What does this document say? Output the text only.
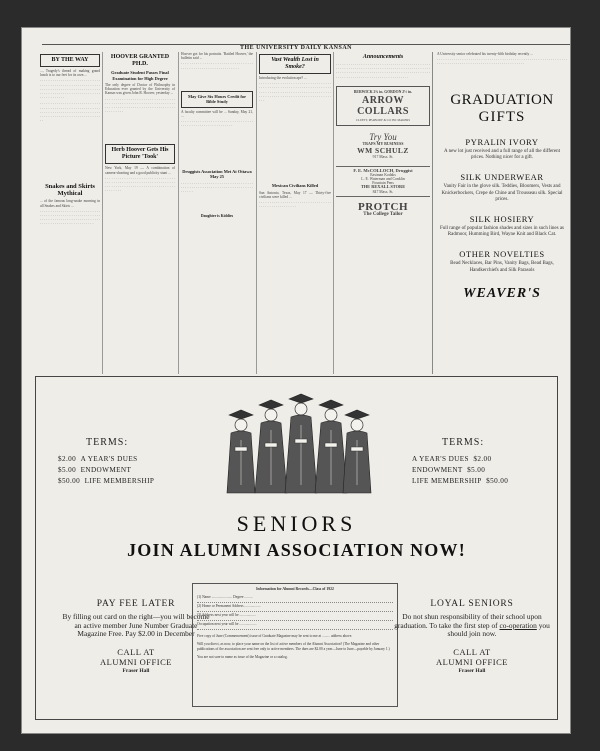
THE UNIVERSITY DAILY KANSAN
BY THE WAY

..., Tragedy's thread of making grand lunch is to our feet for its own ...

· · · · · · · · · · · · · · · · · · · · · · · · · · · · · · · · · · · · · · · · · · · · · · · · · · · · · · · · · · · · · · · · · · · · · · · · · · · · · · · · · · · · · · · · · · · · · · · · · · · · · · · · · · · · · · · · · · · · · · · · · · · · · · · ·

· · · · · · · · · · · · · · · · · · · · · · · · · · · · · · · · · · · · · · · · · · · · · · · · · · · · · · · · · · · · · · · · · · · · · · · · · · · · · · · · · · · · · · · · · · · · · · · · · · · · · · · · · · · · · · · · · · · · · ·

Snakes and Skirts Mythical

... of the famous long-snake morning in all Snakes and Skirts ...

· · · · · · · · · · · · · · · · · · · · · · · · · · · · · · · · · · · · · · · · · · · · · · · · · · · · · · · · · · · · · · · · · · · · · · · · · · · · · · · · · · · · · · · · · · · · · · · · · · · · · · · · · · · · · · · · ·

HOOVER GRANTED PH.D.
Graduate Student Passes Final Examination for High Degree

The only degree of Doctor of Philosophy in Education ever granted by the University of Kansas was given John R. Hoover, yesterday ...

· · · · · · · · · · · · · · · · · · · · · · · · · · · · · · · · · · · · · · · · · · · · · · · · · · · · · · · · · · · · · · · · · · · · · · · · · · · · · · · · · · · · · · · · · · · · · · · · · · · · · · · · · · · ·

Herb Hoover Gets His Picture 'Took'

New York, May 19 — A combination of camera-shooting and a good publicity stunt ...

· · · · · · · · · · · · · · · · · · · · · · · · · · · · · · · · · · · · · · · · · · · · · · · · · · · · · · · · · · · · · · · · · · · · · · · · · · · · · · · · · · · · · · · · · · · · · · · · · · · · · · · · · · ·

Hoover got for his portraits. 'Rattled Hoover,' the bulletin said ...

· · · · · · · · · · · · · · · · · · · · · · · · · · · · · · · · · · · · · · · · · · · · · · · · · · · · · · · · · · · · · ·

May Give Six Hours Credit for Bible Study

A faculty committee will be ... Sunday, May 21, ...

· · · · · · · · · · · · · · · · · · · · · · · · · · · · · · · · · · · · · · · · · · · · · · · · · · · · · · · · · · ·

Druggists Association Met At Ottawa May 25

· · · · · · · · · · · · · · · · · · · · · · · · · · · · · · · · · · · · · · · · · · · · · · · · · · · · · · · · · · · · · · · · · · · · · · · · · ·

Daughter is Kiddies
Vast Wealth Lost in Smoke?

Introducing the evolution ape? ...

· · · · · · · · · · · · · · · · · · · · · · · · · · · · · · · · · · · · · · · · · · · · · · · · · · · · · · · · · · · · · · · · · · · · · · · · · · · · · · · · · · · · · · · · · · · · · · · · · · · · · · · · · · · · · · · · · · · · · · · · · · · · · · · · · · · · · · · · · · ·

Mexican Civilians Killed

San Antonio, Texas, May 17 — Thirty-five civilians were killed ...

· · · · · · · · · · · · · · · · · · · · · · · · · · · · · · · · · · · · · · · · · · · · · · · · · · · ·

Announcements

· · · · · · · · · · · · · · · · · · · · · · · · · · · · · · · · · · · · · · · · · · · · · · · · · · · · · · · · · · · · · · · · · · · · · · · · · · · · · · · · · · · · · · · · · · · · · · · · · · · · · · · · · · · · · · · · · · · · · · · · · · · · · · · · · · · · · · · · · · · · · · · · · · · · · · · · · · · · · · · · · · · · · · · · · ·

BERWICK 2¾ in. GORDON 2½ in.
ARROW COLLARS
CLUETT, PEABODY & CO INC MAKERS
Try You
TRAPS MY BUSINESS
WM SCHULZ
917 Mass. St.
F. E. McCOLLOCH, Druggist
Eastman Kodaks
L. E. Waterman and Conklin
Fountain Pens
THE REXALL STORE
847 Mass. St.
PROTCH
The College Tailor

A University senior celebrated his twenty-fifth birthday recently ...

· · · · · · · · · · · · · · · · · · · · · · · · · · · · · · · · · · · · · · · · · · · · · · · · · · · · · · · · · · · · · · · · · · · · · · · · · · · · · · · · · · · · · · · · · · · · · · · · · · · · · · · ·

GRADUATION
GIFTS
PYRALIN IVORY
A new lot just received and a full range of all the different prices. Nothing nicer for a gift.
SILK UNDERWEAR
Vanity Fair in the glove silk. Teddies, Bloomers, Vests and Knickerbockers, Crepe de Chine and Trousseau silk. Special prices.
SILK HOSIERY
Full range of popular fashion shades and sizes in such lines as Radmoor, Humming Bird, Wayne Knit and Black Cat.
OTHER NOVELTIES
Bead Necklaces, Bar Pins, Vanity Bags, Bead Bags, Handkerchiefs and Silk Parasols
WEAVER'S
TERMS:
$2.00 A YEAR'S DUES
$5.00 ENDOWMENT
$50.00 LIFE MEMBERSHIP
TERMS:
A YEAR'S DUES $2.00
ENDOWMENT $5.00
LIFE MEMBERSHIP $50.00
SENIORS
JOIN ALUMNI ASSOCIATION NOW!
PAY FEE LATER
By filling out card on the right—you will become an active member June Number Graduate Magazine Free. Pay $2.00 in December
CALL AT
ALUMNI OFFICE
Fraser Hall
Information for Alumni Records—Class of 1922
(1) Name ....................... Degree .........
(2) Home or Permanent Address ..................
(3) Address next year will be ..................
Occupation next year will be ...................
Five copy of June (Commencement) issue of Graduate Magazine may be sent to me at ......... address above.
Will you direct, as now, to place your name on the list of active members of the Alumni Association? (The Magazine and other publications of the association are sent free only to active members. The dues are $2.00 a year—June to June—payable by January 1.)
You are not sure to name as issue of the Magazine or a catalog.
LOYAL SENIORS
Do not shun responsibility of their school upon graduation. To take the first step of co-operation you should join now.
CALL AT
ALUMNI OFFICE
Fraser Hall
